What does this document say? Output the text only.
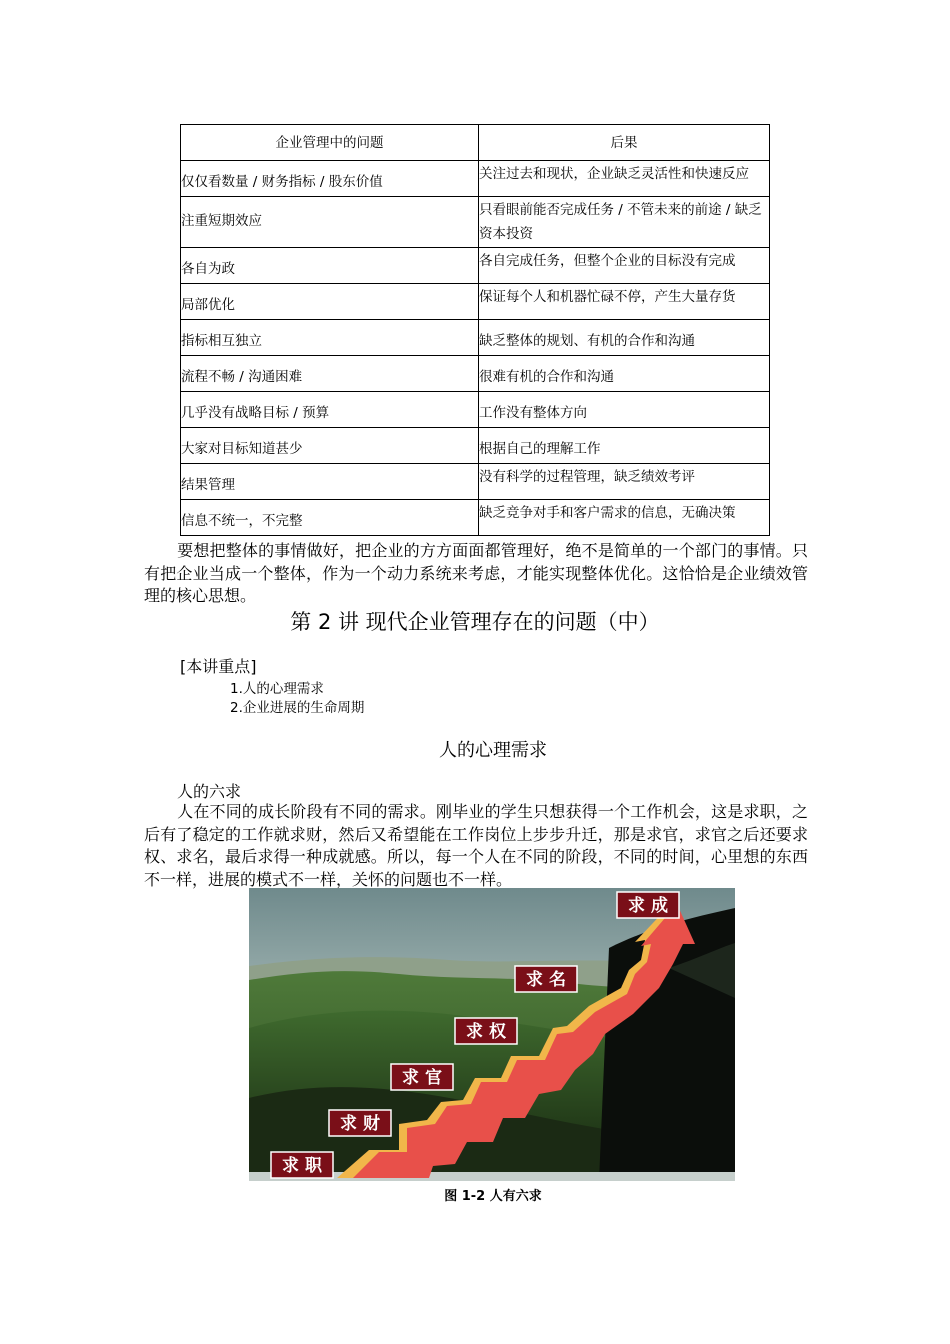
企业管理中的问题	后果
仅仅看数量 / 财务指标 / 股东价值	关注过去和现状，企业缺乏灵活性和快速反应
注重短期效应	只看眼前能否完成任务 / 不管未来的前途 / 缺乏资本投资
各自为政	各自完成任务，但整个企业的目标没有完成
局部优化	保证每个人和机器忙碌不停，产生大量存货
指标相互独立	缺乏整体的规划、有机的合作和沟通
流程不畅 / 沟通困难	很难有机的合作和沟通
几乎没有战略目标 / 预算	工作没有整体方向
大家对目标知道甚少	根据自己的理解工作
结果管理	没有科学的过程管理，缺乏绩效考评
信息不统一，不完整	缺乏竞争对手和客户需求的信息，无确决策

要想把整体的事情做好，把企业的方方面面都管理好，绝不是简单的一个部门的事情。只有把企业当成一个整体，作为一个动力系统来考虑，才能实现整体优化。这恰恰是企业绩效管理的核心思想。

第 2 讲 现代企业管理存在的问题（中）
[本讲重点]
1.人的心理需求
2.企业进展的生命周期
人的心理需求
人的六求

人在不同的成长阶段有不同的需求。刚毕业的学生只想获得一个工作机会，这是求职，之后有了稳定的工作就求财，然后又希望能在工作岗位上步步升迁，那是求官，求官之后还要求权、求名，最后求得一种成就感。所以，每一个人在不同的阶段，不同的时间，心里想的东西不一样，进展的模式不一样，关怀的问题也不一样。

求 职
求 财
求 官
求 权
求 名
求 成
图 1-2 人有六求
